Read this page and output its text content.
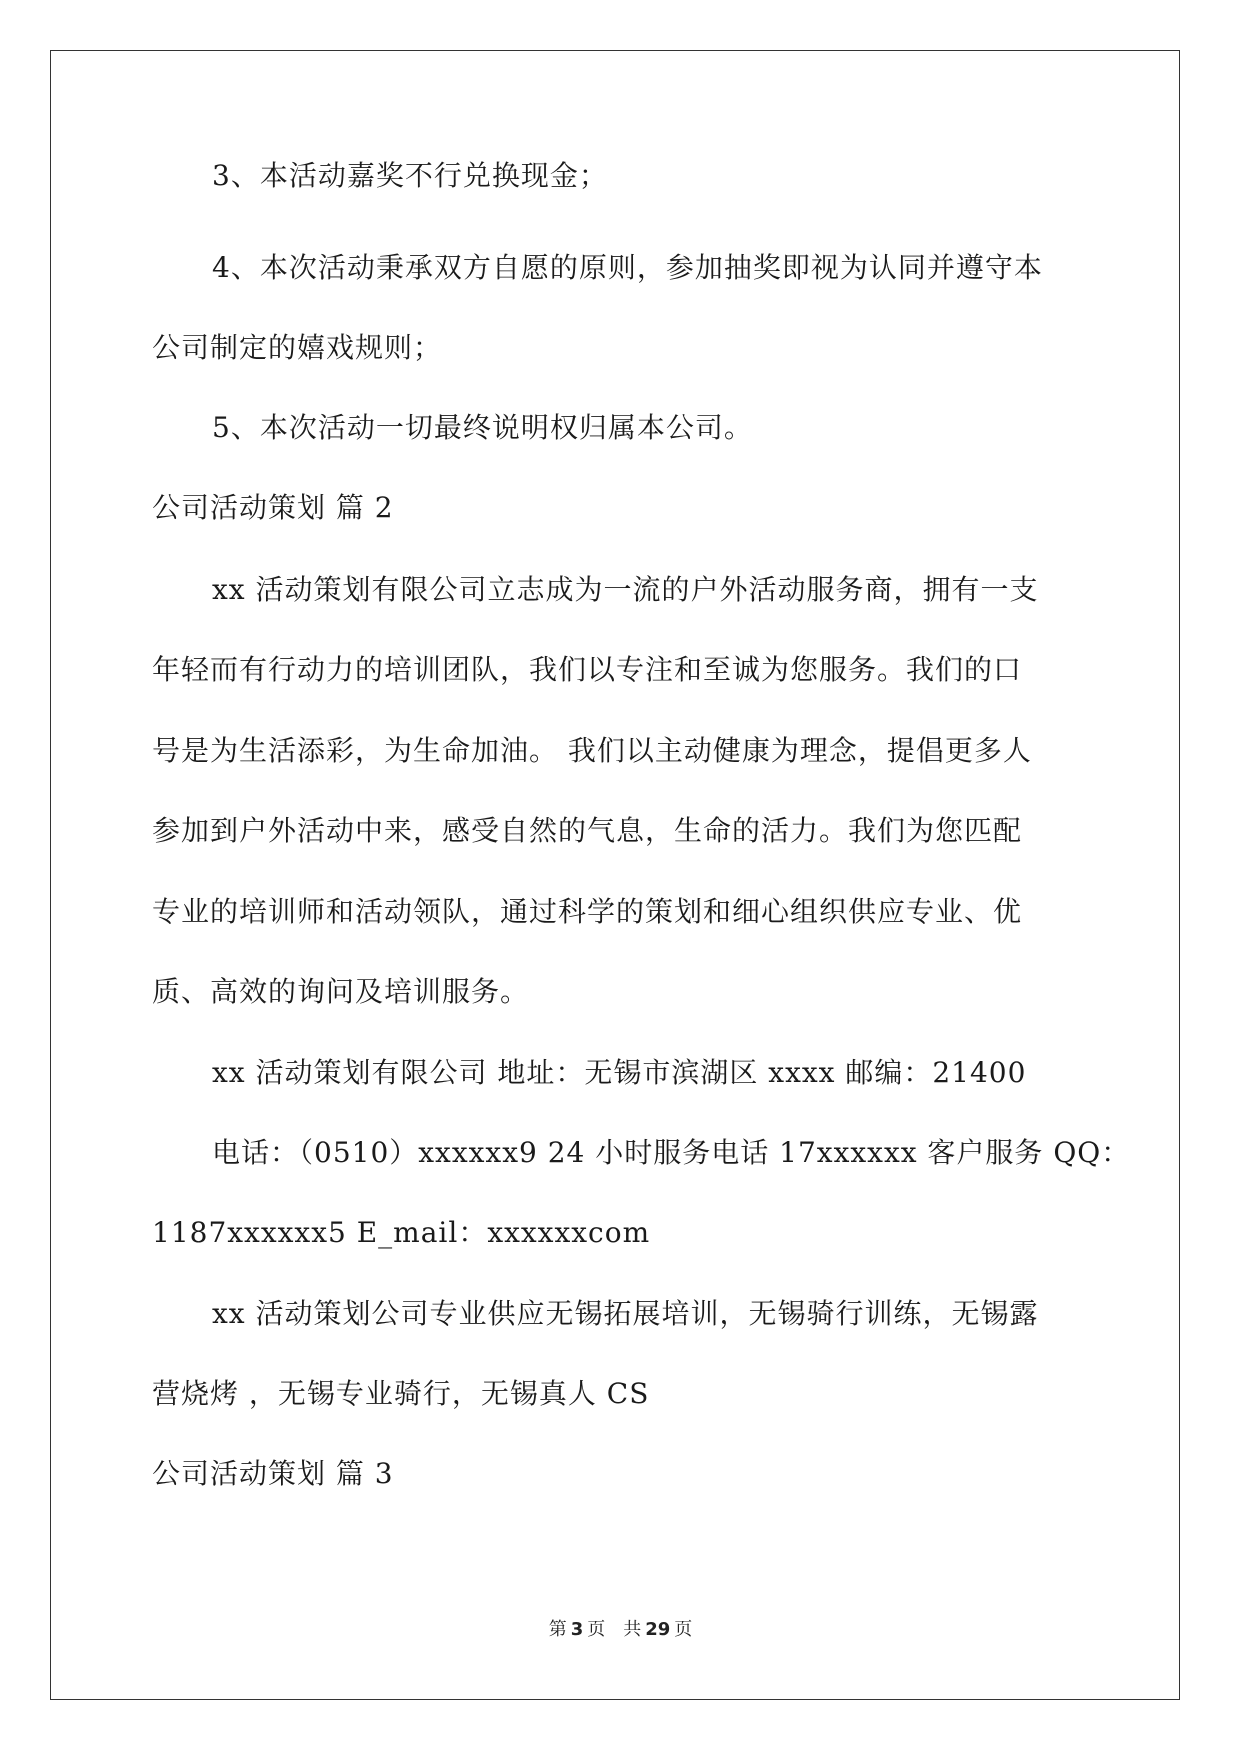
3、本活动嘉奖不行兑换现金；
4、本次活动秉承双方自愿的原则，参加抽奖即视为认同并遵守本
公司制定的嬉戏规则；
5、本次活动一切最终说明权归属本公司。
公司活动策划 篇 2
xx 活动策划有限公司立志成为一流的户外活动服务商，拥有一支
年轻而有行动力的培训团队，我们以专注和至诚为您服务。我们的口
号是为生活添彩，为生命加油。 我们以主动健康为理念，提倡更多人
参加到户外活动中来，感受自然的气息，生命的活力。我们为您匹配
专业的培训师和活动领队，通过科学的策划和细心组织供应专业、优
质、高效的询问及培训服务。
xx 活动策划有限公司 地址：无锡市滨湖区 xxxx 邮编：21400
电话：（0510）xxxxxx9 24 小时服务电话 17xxxxxx 客户服务 QQ：
1187xxxxxx5 E_mail：xxxxxxcom
xx 活动策划公司专业供应无锡拓展培训，无锡骑行训练，无锡露
营烧烤 ，无锡专业骑行，无锡真人 CS
公司活动策划 篇 3
第 3 页　共 29 页
